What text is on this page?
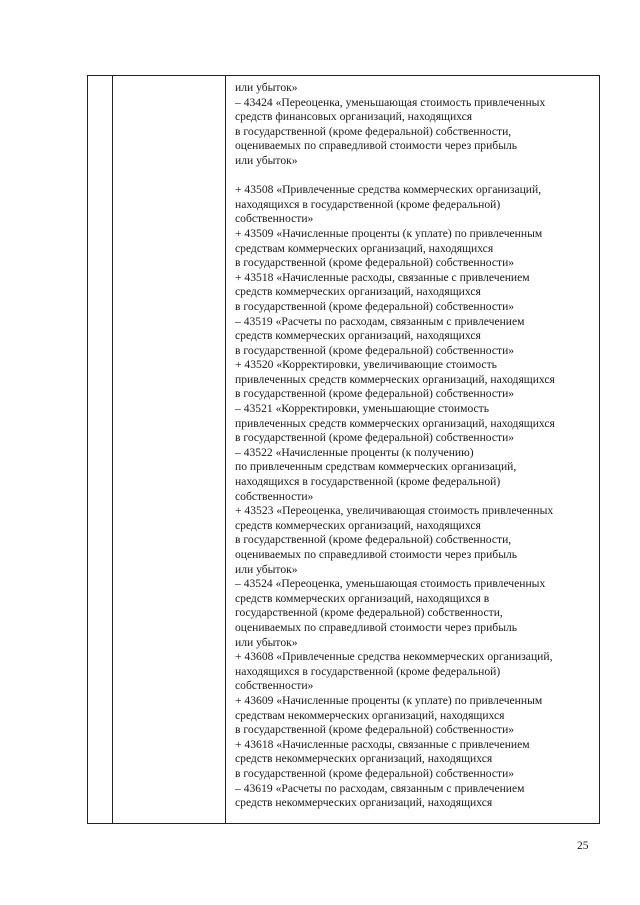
или убыток»
– 43424 «Переоценка, уменьшающая стоимость привлеченных
средств финансовых организаций, находящихся
в государственной (кроме федеральной) собственности,
оцениваемых по справедливой стоимости через прибыль
или убыток»
+ 43508 «Привлеченные средства коммерческих организаций,
находящихся в государственной (кроме федеральной)
собственности»
+ 43509 «Начисленные проценты (к уплате) по привлеченным
средствам коммерческих организаций, находящихся
в государственной (кроме федеральной) собственности»
+ 43518 «Начисленные расходы, связанные с привлечением
средств коммерческих организаций, находящихся
в государственной (кроме федеральной) собственности»
– 43519 «Расчеты по расходам, связанным с привлечением
средств коммерческих организаций, находящихся
в государственной (кроме федеральной) собственности»
+ 43520 «Корректировки, увеличивающие стоимость
привлеченных средств коммерческих организаций, находящихся
в государственной (кроме федеральной) собственности»
– 43521 «Корректировки, уменьшающие стоимость
привлеченных средств коммерческих организаций, находящихся
в государственной (кроме федеральной) собственности»
– 43522 «Начисленные проценты (к получению)
по привлеченным средствам коммерческих организаций,
находящихся в государственной (кроме федеральной)
собственности»
+ 43523 «Переоценка, увеличивающая стоимость привлеченных
средств коммерческих организаций, находящихся
в государственной (кроме федеральной) собственности,
оцениваемых по справедливой стоимости через прибыль
или убыток»
– 43524 «Переоценка, уменьшающая стоимость привлеченных
средств коммерческих организаций, находящихся в
государственной (кроме федеральной) собственности,
оцениваемых по справедливой стоимости через прибыль
или убыток»
+ 43608 «Привлеченные средства некоммерческих организаций,
находящихся в государственной (кроме федеральной)
собственности»
+ 43609 «Начисленные проценты (к уплате) по привлеченным
средствам некоммерческих организаций, находящихся
в государственной (кроме федеральной) собственности»
+ 43618 «Начисленные расходы, связанные с привлечением
средств некоммерческих организаций, находящихся
в государственной (кроме федеральной) собственности»
– 43619 «Расчеты по расходам, связанным с привлечением
средств некоммерческих организаций, находящихся
25
